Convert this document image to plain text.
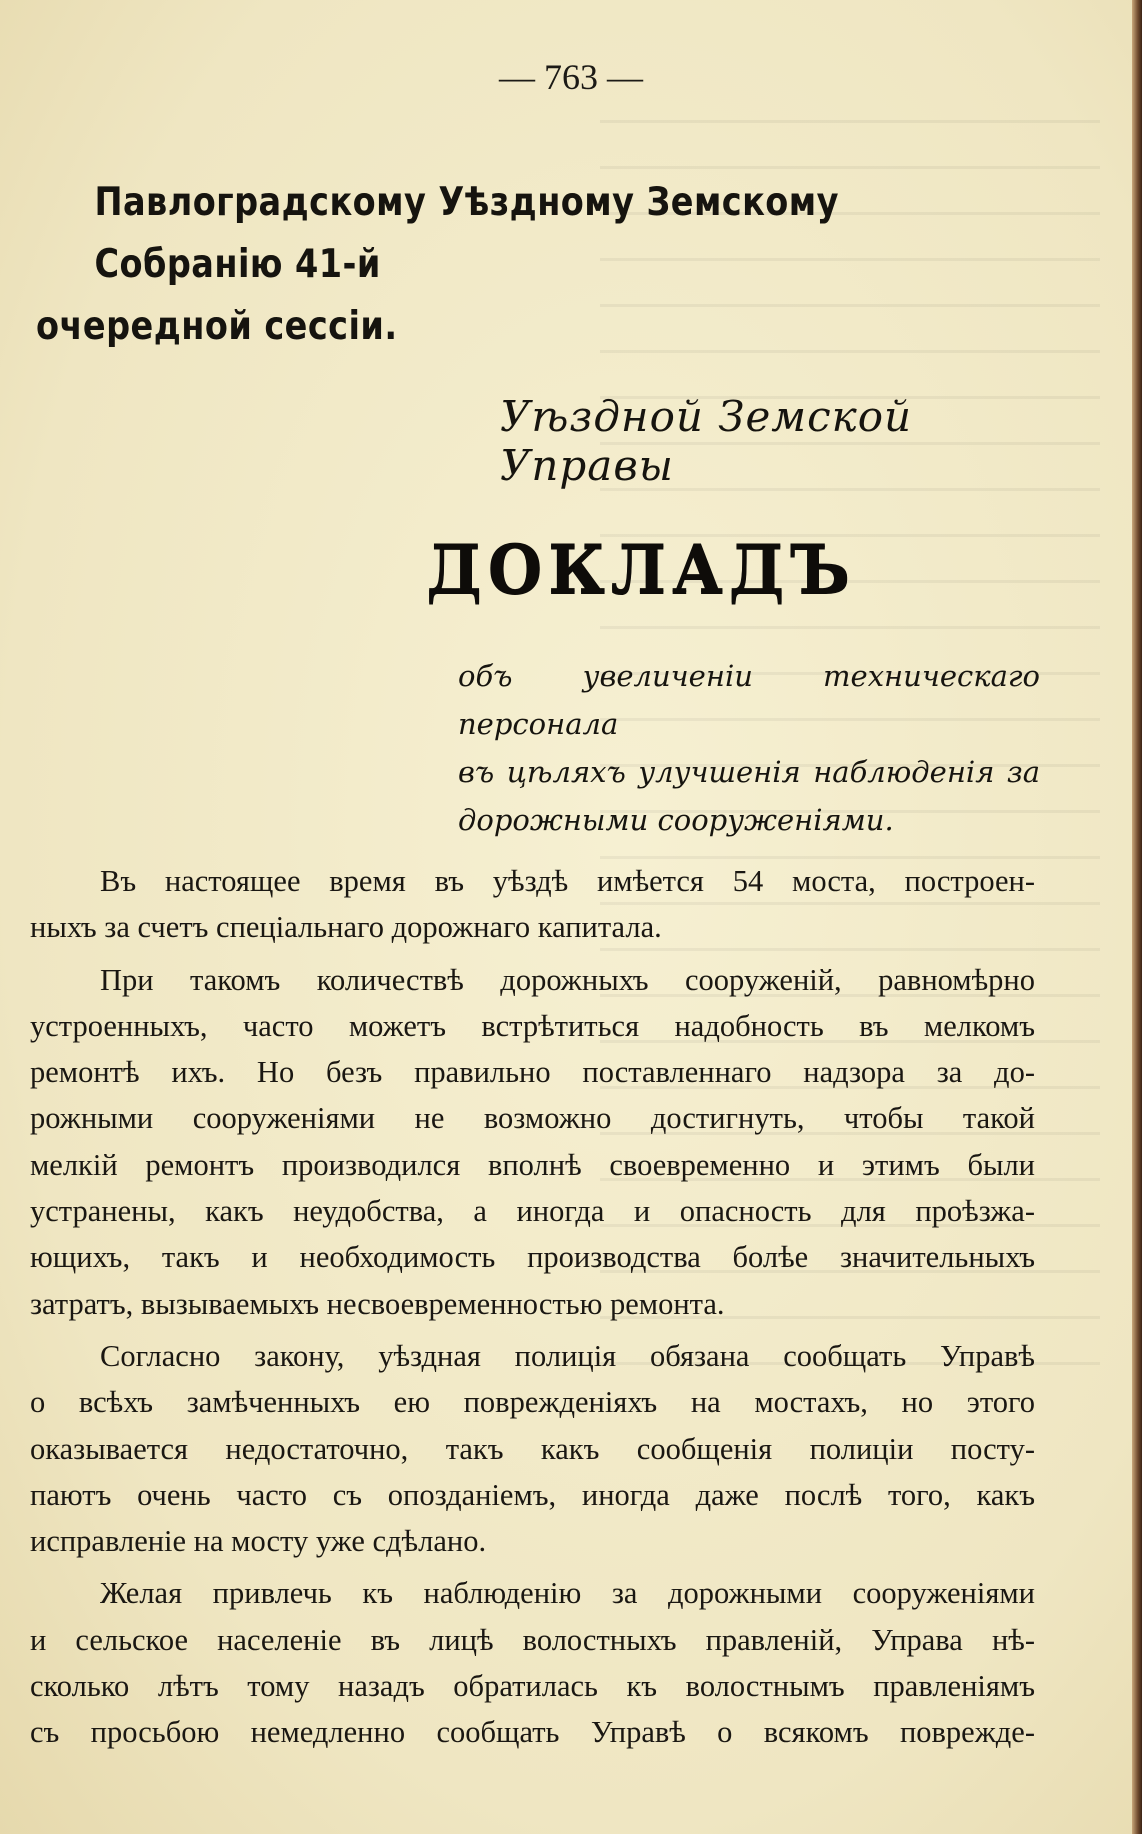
— 763 —
Павлоградскому Уѣздному Земскому Собранію 41-й
очередной сессіи.
Уѣздной Земской Управы
ДОКЛАДЪ
объ увеличеніи техническаго персонала
въ цѣляхъ улучшенія наблюденія за
дорожными сооруженіями.
Въ настоящее время въ уѣздѣ имѣется 54 моста, построен-
ныхъ за счетъ спеціальнаго дорожнаго капитала.
При такомъ количествѣ дорожныхъ сооруженій, равномѣрно
устроенныхъ, часто можетъ встрѣтиться надобность въ мелкомъ
ремонтѣ ихъ. Но безъ правильно поставленнаго надзора за до-
рожными сооруженіями не возможно достигнуть, чтобы такой
мелкій ремонтъ производился вполнѣ своевременно и этимъ были
устранены, какъ неудобства, а иногда и опасность для проѣзжа-
ющихъ, такъ и необходимость производства болѣе значительныхъ
затратъ, вызываемыхъ несвоевременностью ремонта.
Согласно закону, уѣздная полиція обязана сообщать Управѣ
о всѣхъ замѣченныхъ ею поврежденіяхъ на мостахъ, но этого
оказывается недостаточно, такъ какъ сообщенія полиціи посту-
паютъ очень часто съ опозданіемъ, иногда даже послѣ того, какъ
исправленіе на мосту уже сдѣлано.
Желая привлечь къ наблюденію за дорожными сооруженіями
и сельское населеніе въ лицѣ волостныхъ правленій, Управа нѣ-
сколько лѣтъ тому назадъ обратилась къ волостнымъ правленіямъ
съ просьбою немедленно сообщать Управѣ о всякомъ поврежде-
